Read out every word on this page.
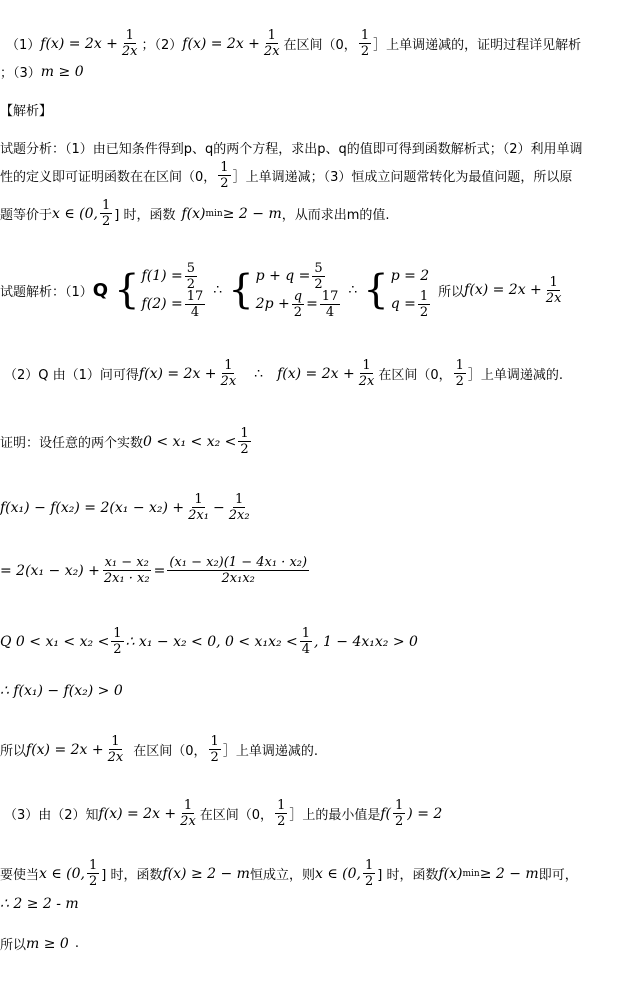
（1） $f(x) = 2x + \frac{1}{2x}$ ；（2） $f(x) = 2x + \frac{1}{2x}$ 在区间（0， $\frac{1}{2}$ ］上单调递减的，证明过程详见解析
；（3） m ≥ 0
【解析】
试题分析：（1）由已知条件得到p、q的两个方程，求出p、q的值即可得到函数解析式；（2）利用单调
性的定义即可证明函数在在区间（0， $\frac{1}{2}$ ］上单调递减；（3）恒成立问题常转化为最值问题，所以原
题等价于 x ∈ (0, $\frac{1}{2}$ ] 时，函数 f(x) min ≥ 2 − m ，从而求出m的值.
试题解析：（1） Q { $f(1) = \frac{5}{2}$
$f(2) = \frac{17}{4}$ ∴ { $p + q = \frac{5}{2}$
$2p + \frac{q}{2} = \frac{17}{4}$ ∴ { p = 2
$q = \frac{1}{2}$ 所以 $f(x) = 2x + \frac{1}{2x}$
（2）Q 由（1）问可得 $f(x) = 2x + \frac{1}{2x}$ ∴ $f(x) = 2x + \frac{1}{2x}$ 在区间（0， $\frac{1}{2}$ ］上单调递减的.
证明：设任意的两个实数 $0 < x_1 < x_2 < \frac{1}{2}$
$f(x_1) - f(x_2) = 2(x_1 - x_2) + \frac{1}{\text{2x₁}} - \frac{1}{\text{2x₂}}$
= $2(x_1 - x_2) + \frac{\text{x₁ − x₂}}{\text{2x₁ · x₂}} = \frac{\text{(x₁ − x₂)(1 − 4x₁ · x₂)}}{\text{2x₁x₂}}$
Q $0 < x_1 < x_2 < \frac{1}{2}$ ∴ x₁ − x₂ < 0, $0 < x_1x_2 < \frac{1}{4}$ , 1 − 4x₁x₂ > 0
∴ f(x₁) − f(x₂) > 0
所以 $f(x) = 2x + \frac{1}{2x}$ 在区间（0， $\frac{1}{2}$ ］上单调递减的.
（3）由（2）知 $f(x) = 2x + \frac{1}{2x}$ 在区间（0， $\frac{1}{2}$ ］上的最小值是 $f( \frac{1}{2}$ ) = 2
要使当 x ∈ (0, $\frac{1}{2}$ ] 时，函数 f(x) ≥ 2 − m 恒成立，则 x ∈ (0, $\frac{1}{2}$ ] 时，函数 f(x) min ≥ 2 − m 即可，
∴ 2 ≥ 2 - m
所以 m ≥ 0 .
